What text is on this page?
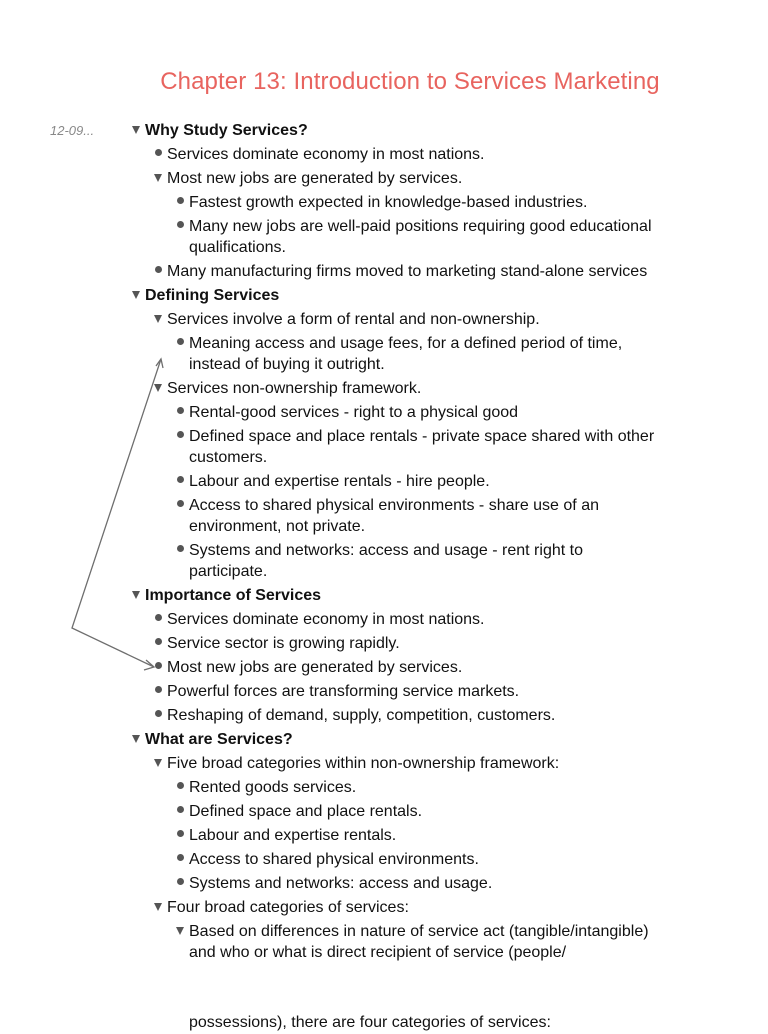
Chapter 13: Introduction to Services Marketing
12-09...	Why Study Services?
Services dominate economy in most nations.
Most new jobs are generated by services.
Fastest growth expected in knowledge-based industries.
Many new jobs are well-paid positions requiring good educational
qualifications.
Many manufacturing firms moved to marketing stand-alone services
Defining Services
Services involve a form of rental and non-ownership.
Meaning access and usage fees, for a defined period of time,
instead of buying it outright.
Services non-ownership framework.
Rental-good services - right to a physical good
Defined space and place rentals - private space shared with other
customers.
Labour and expertise rentals - hire people.
Access to shared physical environments - share use of an
environment, not private.
Systems and networks: access and usage - rent right to
participate.
Importance of Services
Services dominate economy in most nations.
Service sector is growing rapidly.
Most new jobs are generated by services.
Powerful forces are transforming service markets.
Reshaping of demand, supply, competition, customers.
What are Services?
Five broad categories within non-ownership framework:
Rented goods services.
Defined space and place rentals.
Labour and expertise rentals.
Access to shared physical environments.
Systems and networks: access and usage.
Four broad categories of services:
Based on differences in nature of service act (tangible/intangible)
and who or what is direct recipient of service (people/
possessions), there are four categories of services:
